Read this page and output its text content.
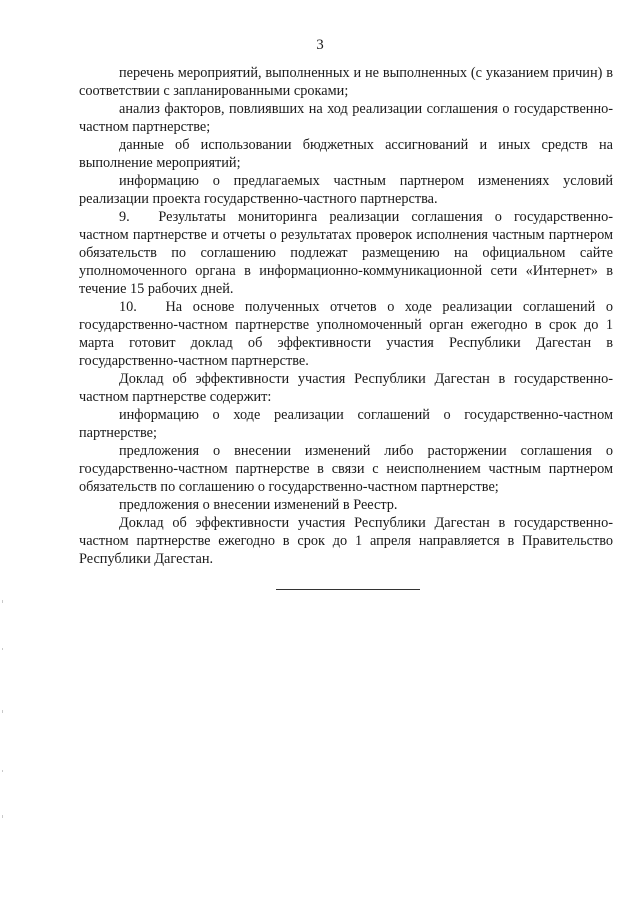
3

перечень мероприятий, выполненных и не выполненных (с указанием причин) в соответствии с запланированными сроками;

анализ факторов, повлиявших на ход реализации соглашения о государственно-частном партнерстве;

данные об использовании бюджетных ассигнований и иных средств на выполнение мероприятий;

информацию о предлагаемых частным партнером изменениях условий реализации проекта государственно-частного партнерства.

9.  Результаты мониторинга реализации соглашения о государственно-частном партнерстве и отчеты о результатах проверок исполнения частным партнером обязательств по соглашению подлежат размещению на официальном сайте уполномоченного органа в информационно-коммуникационной сети «Интернет» в течение 15 рабочих дней.

10.  На основе полученных отчетов о ходе реализации соглашений о государственно-частном партнерстве уполномоченный орган ежегодно в срок до 1 марта готовит доклад об эффективности участия Республики Дагестан в государственно-частном партнерстве.

Доклад об эффективности участия Республики Дагестан в государственно-частном партнерстве содержит:

информацию о ходе реализации соглашений о государственно-частном партнерстве;

предложения о внесении изменений либо расторжении соглашения о государственно-частном партнерстве в связи с неисполнением частным партнером обязательств по соглашению о государственно-частном партнерстве;

предложения о внесении изменений в Реестр.

Доклад об эффективности участия Республики Дагестан в государственно-частном партнерстве ежегодно в срок до 1 апреля направляется в Правительство Республики Дагестан.
